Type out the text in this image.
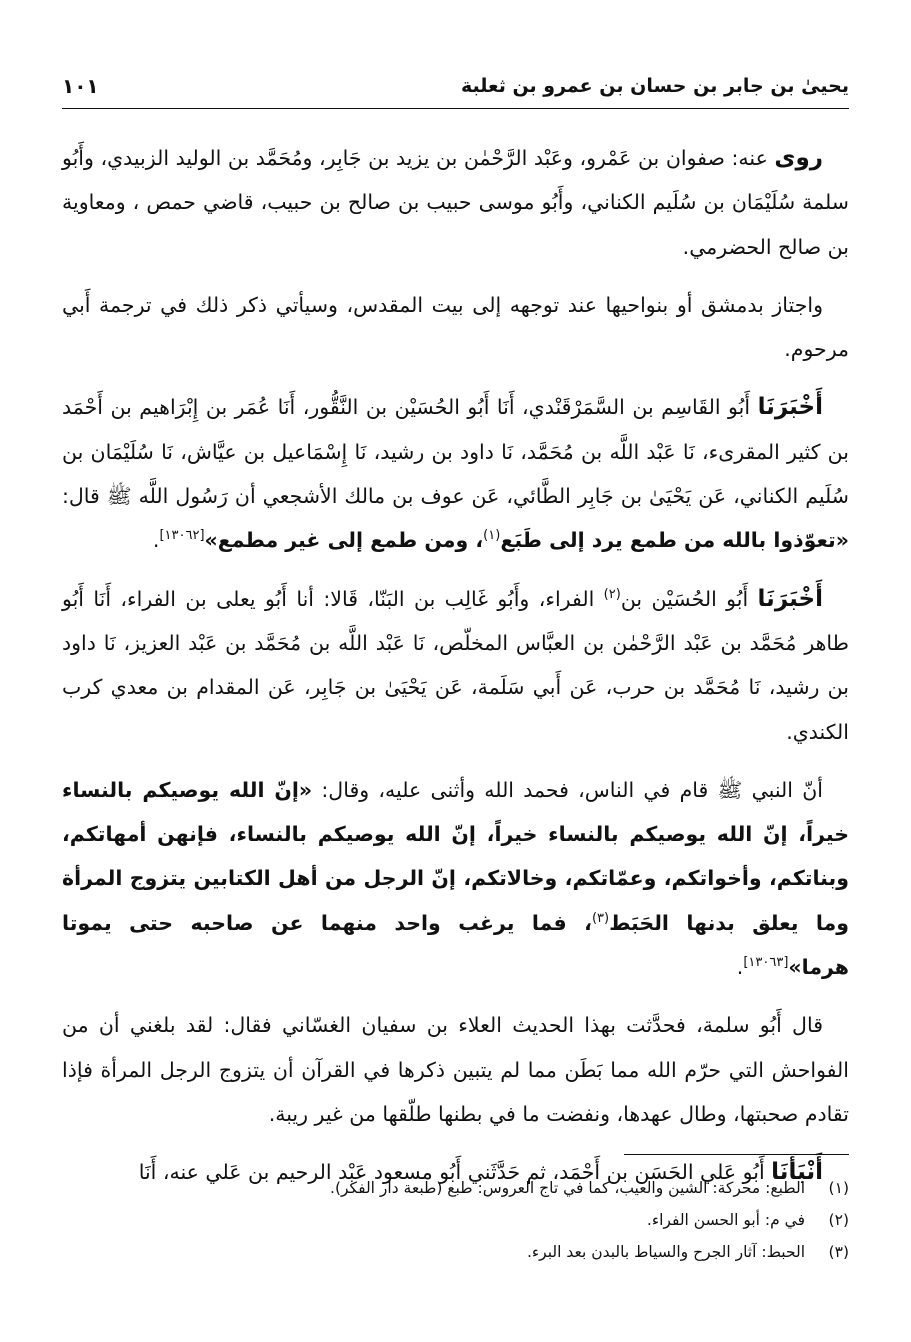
يحيىٰ بن جابر بن حسان بن عمرو بن ثعلبة
١٠١

روى عنه: صفوان بن عَمْرو، وعَبْد الرَّحْمٰن بن يزيد بن جَابِر، ومُحَمَّد بن الوليد الزبيدي، وأَبُو سلمة سُلَيْمَان بن سُلَيم الكناني، وأَبُو موسى حبيب بن صالح بن حبيب، قاضي حمص ، ومعاوية بن صالح الحضرمي.

واجتاز بدمشق أو بنواحيها عند توجهه إلى بيت المقدس، وسيأتي ذكر ذلك في ترجمة أَبي مرحوم.

أَخْبَرَنَا أَبُو القَاسِم بن السَّمَرْقَنْدي، أَنَا أَبُو الحُسَيْن بن النَّقُّور، أَنَا عُمَر بن إِبْرَاهيم بن أَحْمَد بن كثير المقرىء، نَا عَبْد اللَّه بن مُحَمَّد، نَا داود بن رشيد، نَا إِسْمَاعيل بن عيَّاش، نَا سُلَيْمَان بن سُلَيم الكناني، عَن يَحْيَىٰ بن جَابِر الطَّائي، عَن عوف بن مالك الأشجعي أن رَسُول اللَّه ﷺ قال: «تعوّذوا بالله من طمع يرد إلى طَبَع$^{(١)}$، ومن طمع إلى غير مطمع»[١٣٠٦٢].

أَخْبَرَنَا أَبُو الحُسَيْن بن$^{(٢)}$ الفراء، وأَبُو غَالِب بن البَنّا، قَالا: أنا أَبُو يعلى بن الفراء، أَنَا أَبُو طاهر مُحَمَّد بن عَبْد الرَّحْمٰن بن العبَّاس المخلّص، نَا عَبْد اللَّه بن مُحَمَّد بن عَبْد العزيز، نَا داود بن رشيد، نَا مُحَمَّد بن حرب، عَن أَبي سَلَمة، عَن يَحْيَىٰ بن جَابِر، عَن المقدام بن معدي كرب الكندي.

أنّ النبي ﷺ قام في الناس، فحمد الله وأثنى عليه، وقال: «إنّ الله يوصيكم بالنساء خيراً، إنّ الله يوصيكم بالنساء خيراً، إنّ الله يوصيكم بالنساء، فإنهن أمهاتكم، وبناتكم، وأخواتكم، وعمّاتكم، وخالاتكم، إنّ الرجل من أهل الكتابين يتزوج المرأة وما يعلق بدنها الحَبَط$^{(٣)}$، فما يرغب واحد منهما عن صاحبه حتى يموتا هرما»[١٣٠٦٣].

قال أَبُو سلمة، فحدَّثت بهذا الحديث العلاء بن سفيان الغسّاني فقال: لقد بلغني أن من الفواحش التي حرّم الله مما بَطَن مما لم يتبين ذكرها في القرآن أن يتزوج الرجل المرأة فإذا تقادم صحبتها، وطال عهدها، ونفضت ما في بطنها طلّقها من غير ريبة.

أَنْبَأنَا أَبُو عَلي الحَسَن بن أَحْمَد، ثم حَدَّثَني أَبُو مسعود عَبْد الرحيم بن عَلي عنه، أَنَا

(١)
الطبع: محركة: الشين والعيب، كما في تاج العروس: طبع (طبعة دار الفكر).
(٢)
في م: أبو الحسن الفراء.
(٣)
الحبط: آثار الجرح والسياط بالبدن بعد البرء.
